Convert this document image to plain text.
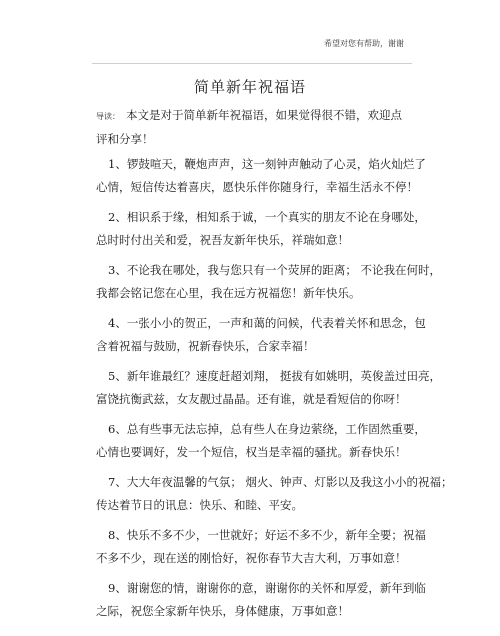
希望对您有帮助，谢谢
简单新年祝福语
导读： 本文是对于简单新年祝福语，如果觉得很不错，欢迎点
评和分享！
1、锣鼓喧天，鞭炮声声，这一刻钟声触动了心灵，焰火灿烂了
心情，短信传达着喜庆，愿快乐伴你随身行，幸福生活永不停！
2、相识系于缘，相知系于诚，一个真实的朋友不论在身哪处，
总时时付出关和爱，祝吾友新年快乐，祥瑞如意！
3、不论我在哪处，我与您只有一个荧屏的距离； 不论我在何时，
我都会铭记您在心里，我在远方祝福您！新年快乐。
4、一张小小的贺正，一声和蔼的问候，代表着关怀和思念，包
含着祝福与鼓励，祝新春快乐，合家幸福！
5、新年谁最红？速度赶超刘翔， 挺拔有如姚明，英俊盖过田亮，
富饶抗衡武兹，女友靓过晶晶。还有谁，就是看短信的你呀！
6、总有些事无法忘掉，总有些人在身边萦绕，工作固然重要，
心情也要调好，发一个短信，权当是幸福的骚扰。新春快乐！
7、大大年夜温馨的气氛； 烟火、钟声、灯影以及我这小小的祝福；
传达着节日的讯息：快乐、和睦、平安。
8、快乐不多不少，一世就好；好运不多不少，新年全要；祝福
不多不少，现在送的刚恰好，祝你春节大吉大利，万事如意！
9、谢谢您的情，谢谢你的意，谢谢你的关怀和厚爱，新年到临
之际，祝您全家新年快乐，身体健康，万事如意！
